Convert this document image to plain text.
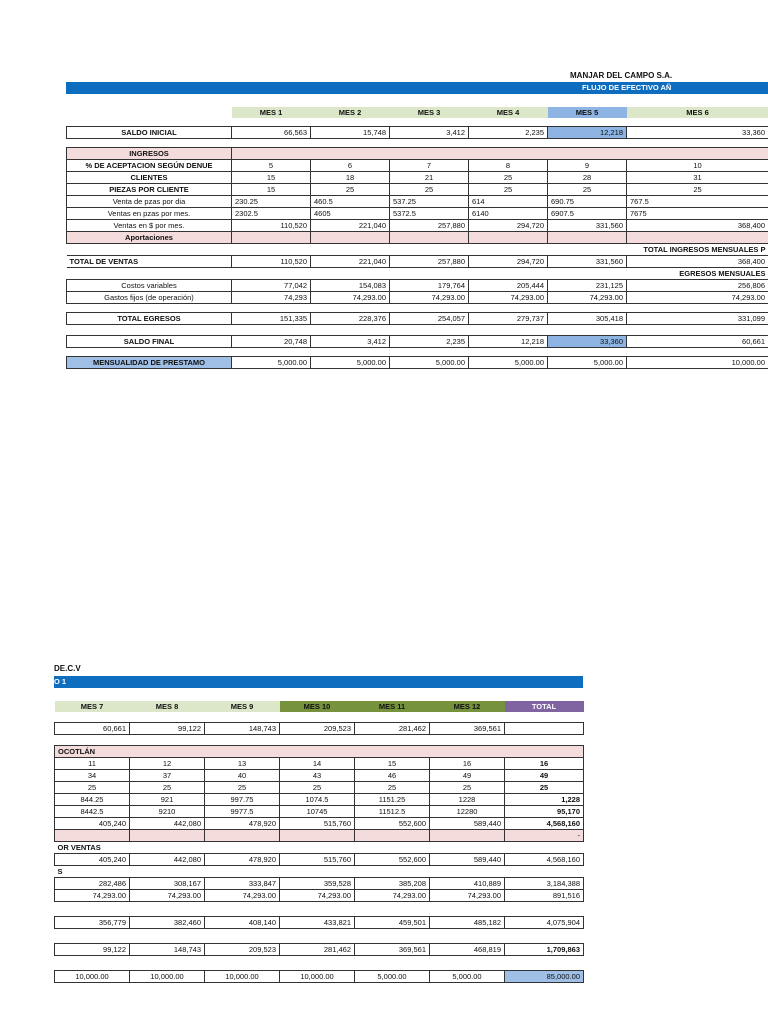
MANJAR DEL CAMPO S.A.
FLUJO DE EFECTIVO AÑ
	MES 1	MES 2	MES 3	MES 4	MES 5	MES 6	

SALDO INICIAL	66,563	15,748	3,412	2,235	12,218	33,360	

INGRESOS							
% DE ACEPTACION SEGÚN DENUE	5	6	7	8	9	10	
CLIENTES	15	18	21	25	28	31	
PIEZAS POR CLIENTE	15	25	25	25	25	25	
Venta de pzas por dia	230.25	460.5	537.25	614	690.75	767.5	
Ventas en pzas por mes.	2302.5	4605	5372.5	6140	6907.5	7675	
Ventas en $ por mes.	110,520	221,040	257,880	294,720	331,560	368,400	
Aportaciones							
	TOTAL INGRESOS MENSUALES P						
TOTAL DE VENTAS	110,520	221,040	257,880	294,720	331,560	368,400	
	EGRESOS MENSUALES						
Costos variables	77,042	154,083	179,764	205,444	231,125	256,806	
Gastos fijos (de operación)	74,293	74,293.00	74,293.00	74,293.00	74,293.00	74,293.00	

TOTAL EGRESOS	151,335	228,376	254,057	279,737	305,418	331,099	

SALDO FINAL	20,748	3,412	2,235	12,218	33,360	60,661	

MENSUALIDAD DE PRESTAMO	5,000.00	5,000.00	5,000.00	5,000.00	5,000.00	10,000.00	
DE.C.V
O 1
MES 7	MES 8	MES 9	MES 10	MES 11	MES 12	TOTAL

60,661	99,122	148,743	209,523	281,462	369,561	

OCOTLÁN						
11	12	13	14	15	16	16
34	37	40	43	46	49	49
25	25	25	25	25	25	25
844.25	921	997.75	1074.5	1151.25	1228	1,228
8442.5	9210	9977.5	10745	11512.5	12280	95,170
405,240	442,080	478,920	515,760	552,600	589,440	4,568,160
						-
OR VENTAS						
405,240	442,080	478,920	515,760	552,600	589,440	4,568,160
S						
282,486	308,167	333,847	359,528	385,208	410,889	3,184,388
74,293.00	74,293.00	74,293.00	74,293.00	74,293.00	74,293.00	891,516

356,779	382,460	408,140	433,821	459,501	485,182	4,075,904

99,122	148,743	209,523	281,462	369,561	468,819	1,709,863

10,000.00	10,000.00	10,000.00	10,000.00	5,000.00	5,000.00	85,000.00
